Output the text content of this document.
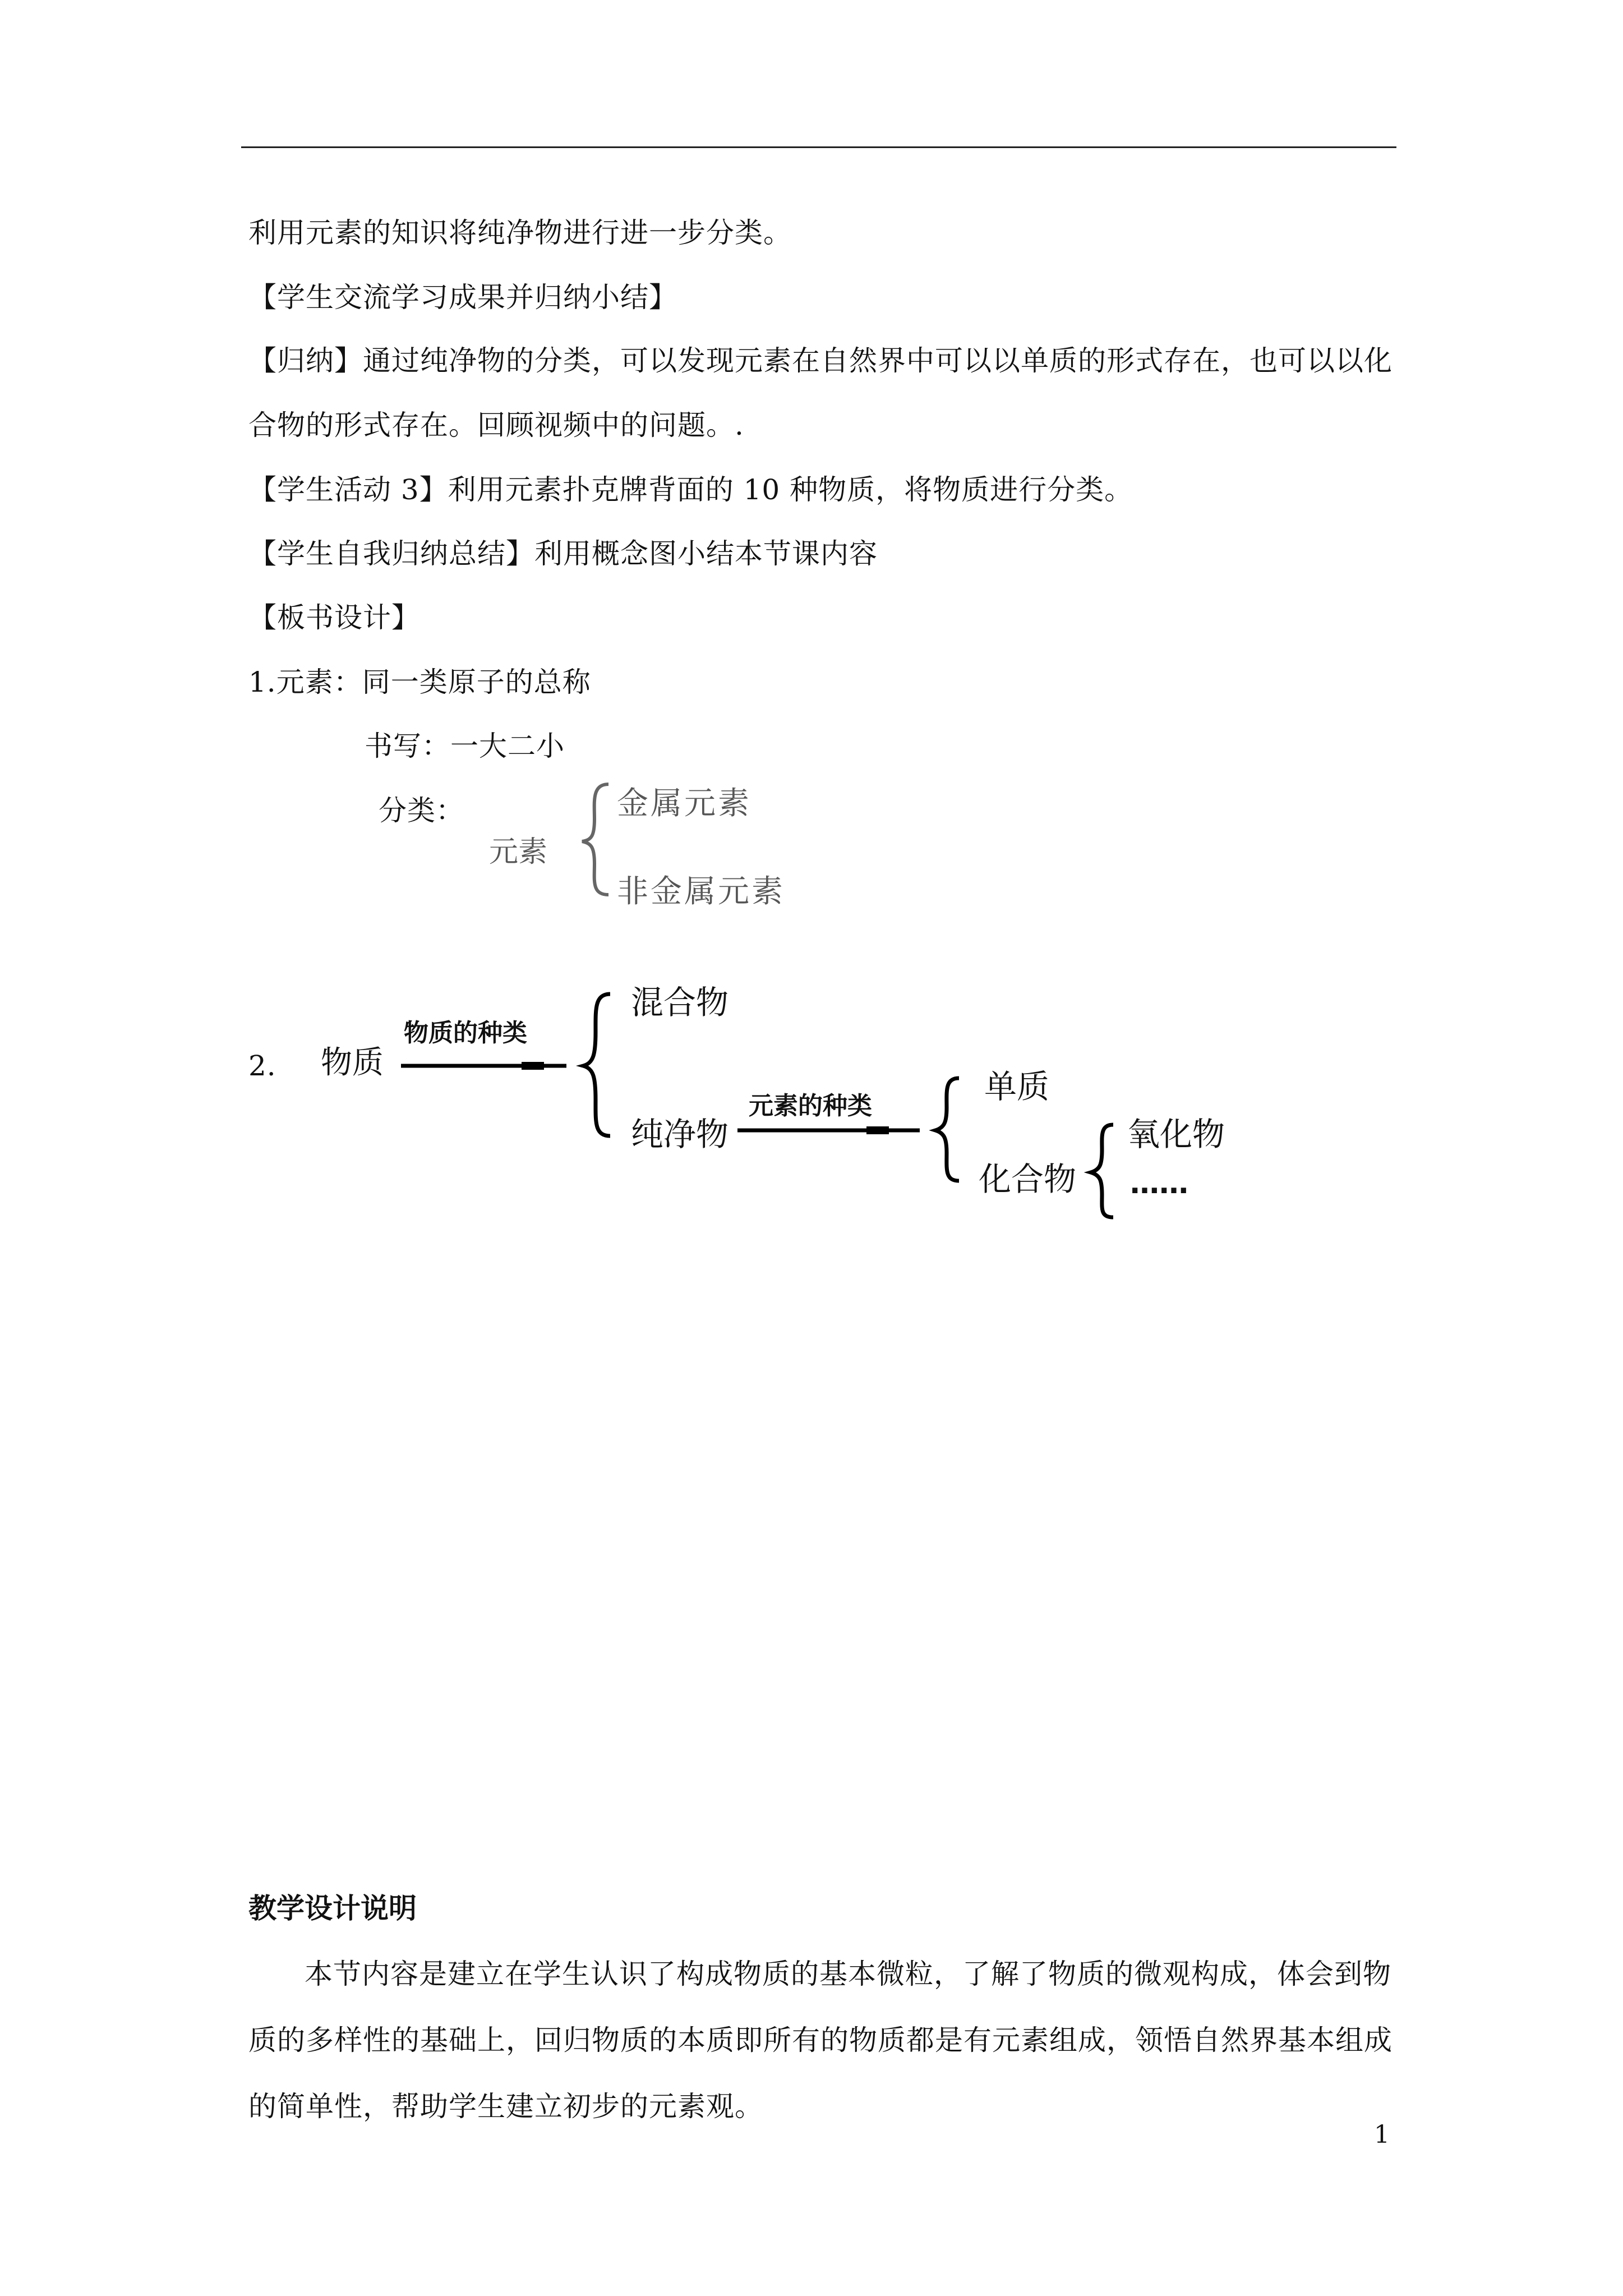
利用元素的知识将纯净物进行进一步分类。
【学生交流学习成果并归纳小结】
【归纳】通过纯净物的分类，可以发现元素在自然界中可以以单质的形式存在，也可以以化
合物的形式存在。回顾视频中的问题。.
【学生活动 3】利用元素扑克牌背面的 10 种物质，将物质进行分类。
【学生自我归纳总结】利用概念图小结本节课内容
【板书设计】
1.元素：同一类原子的总称
书写：一大二小
分类：
元素
金属元素
非金属元素
2. 物质
物质的种类
混合物
纯净物
元素的种类
单质
化合物
氧化物
……
教学设计说明
本节内容是建立在学生认识了构成物质的基本微粒，了解了物质的微观构成，体会到物质的多样性的基础上，回归物质的本质即所有的物质都是有元素组成，领悟自然界基本组成的简单性，帮助学生建立初步的元素观。
1
